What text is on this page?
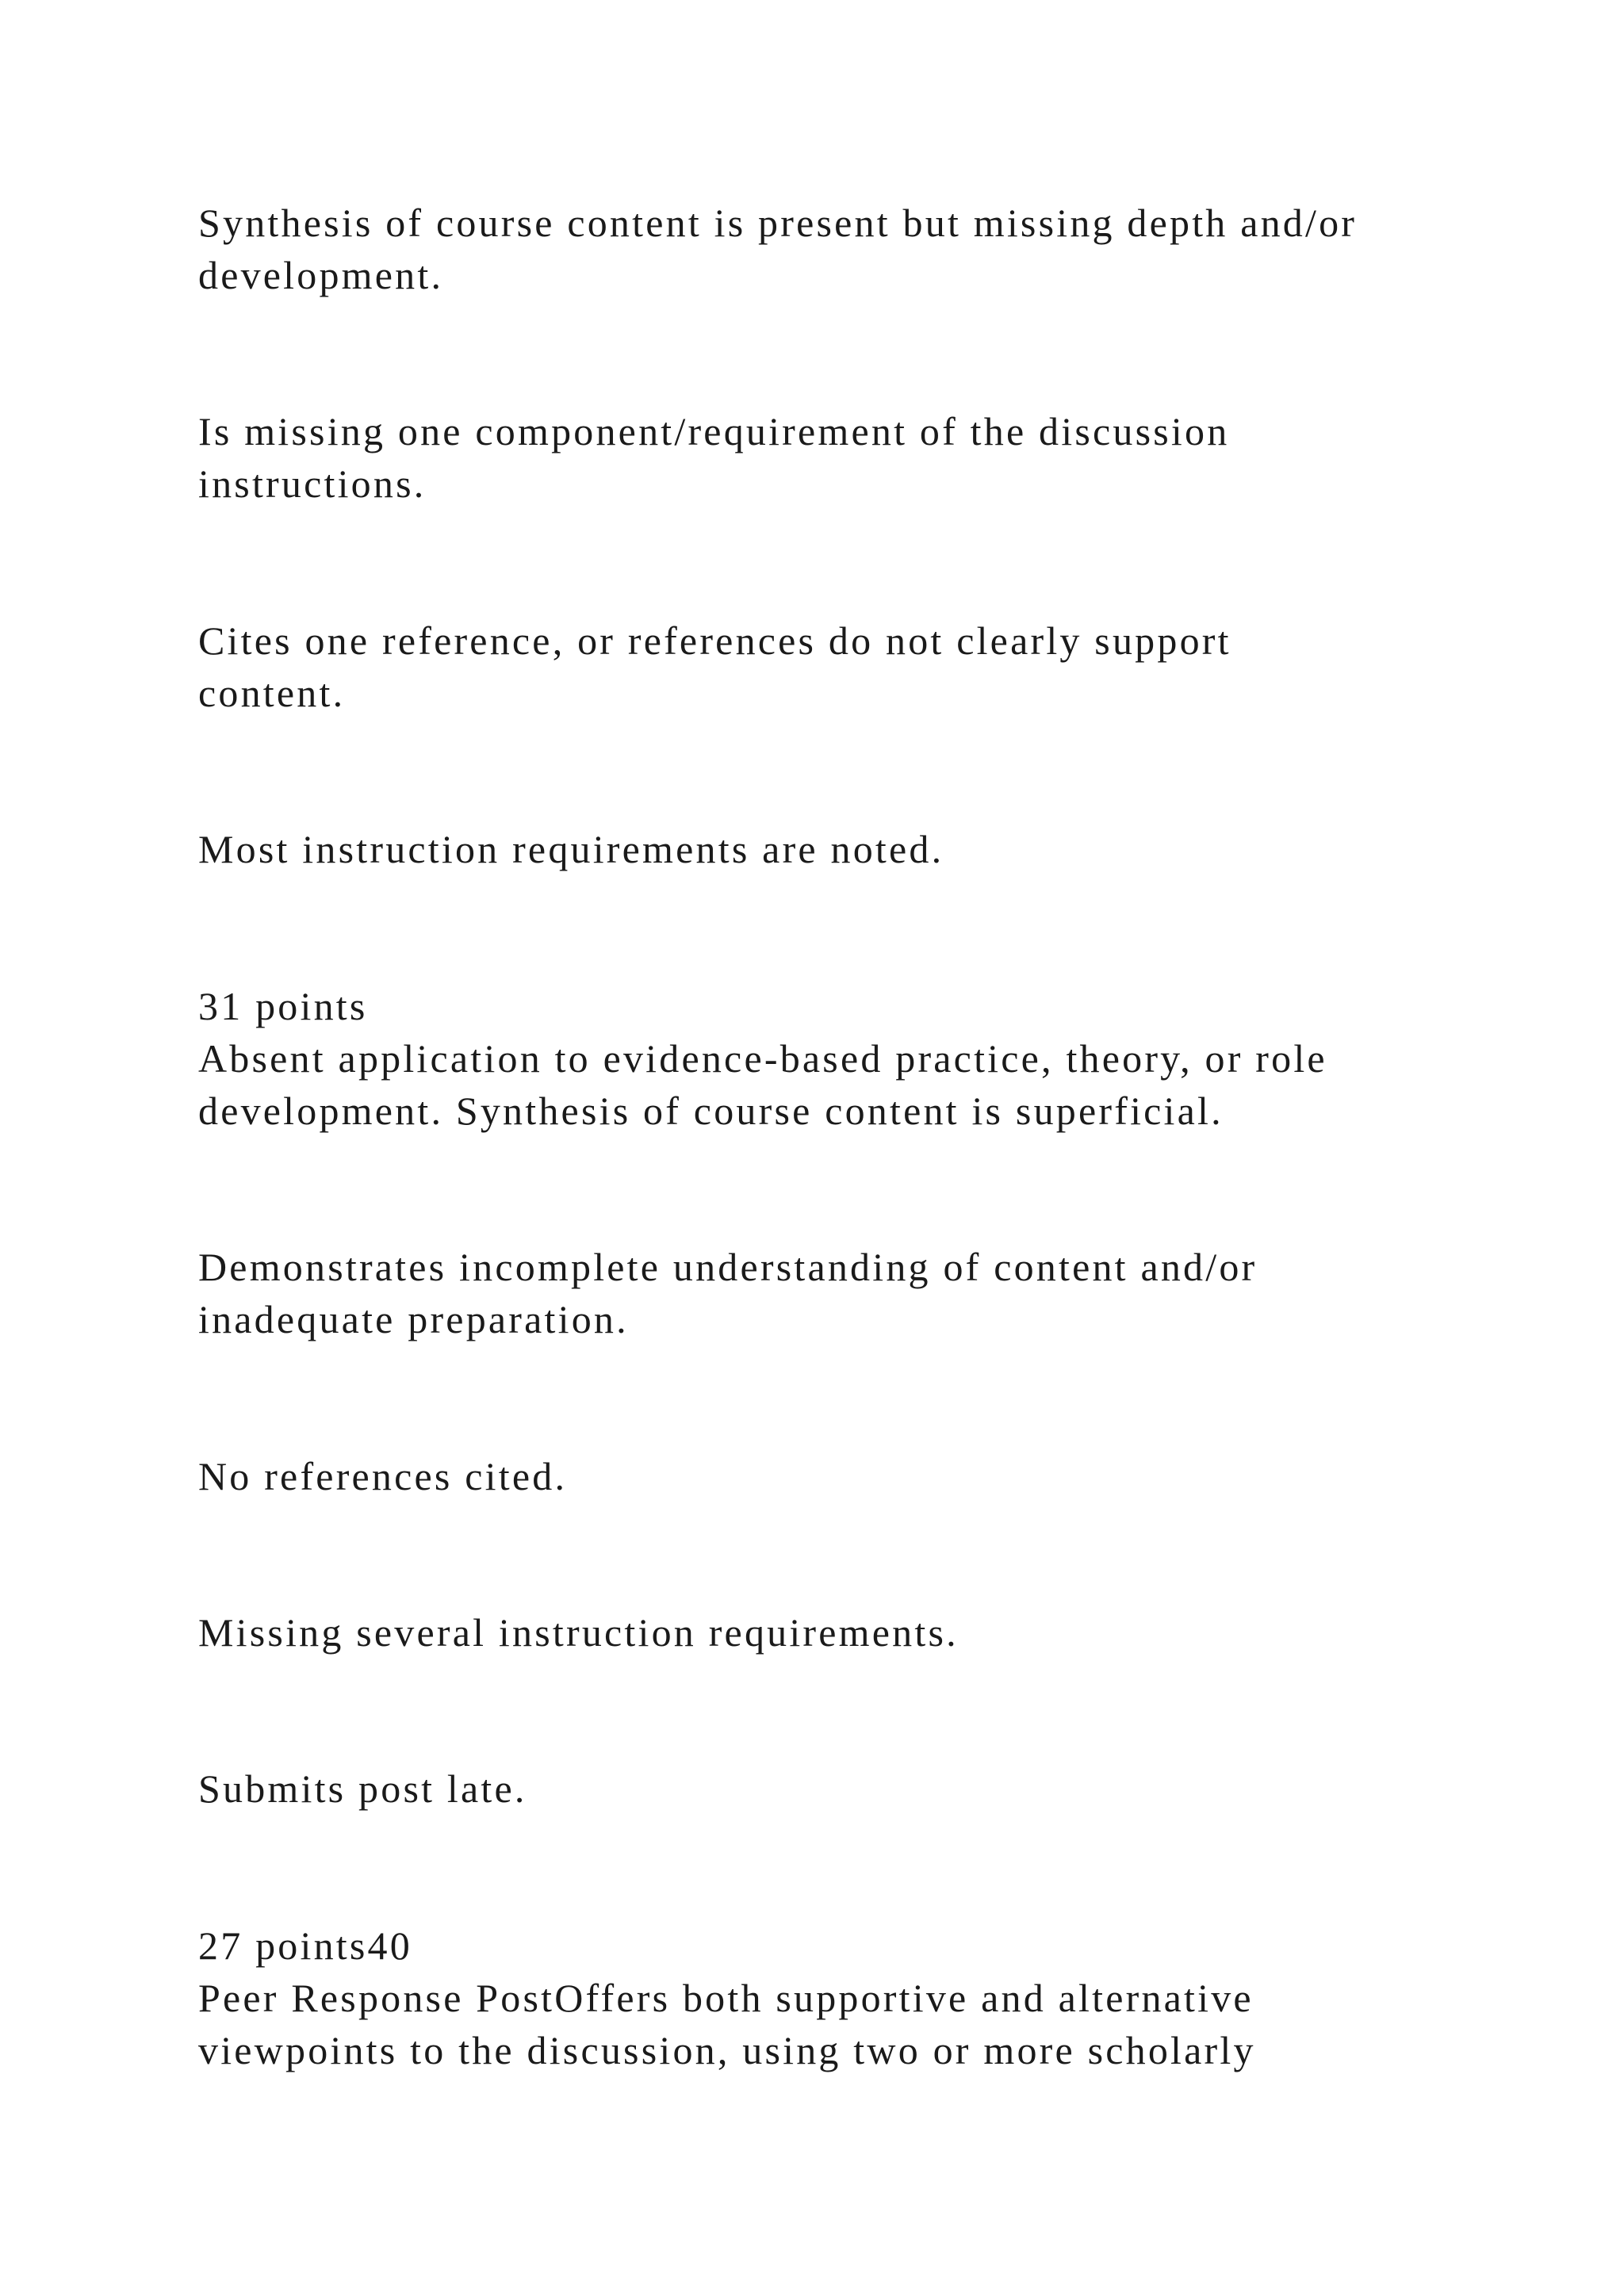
Synthesis of course content is present but missing depth and/or

development.

Is missing one component/requirement of the discussion

instructions.

Cites one reference, or references do not clearly support

content.

Most instruction requirements are noted.

31 points

Absent application to evidence-based practice, theory, or role

development. Synthesis of course content is superficial.

Demonstrates incomplete understanding of content and/or

inadequate preparation.

No references cited.

Missing several instruction requirements.

Submits post late.

27 points40

Peer Response PostOffers both supportive and alternative

viewpoints to the discussion, using two or more scholarly
